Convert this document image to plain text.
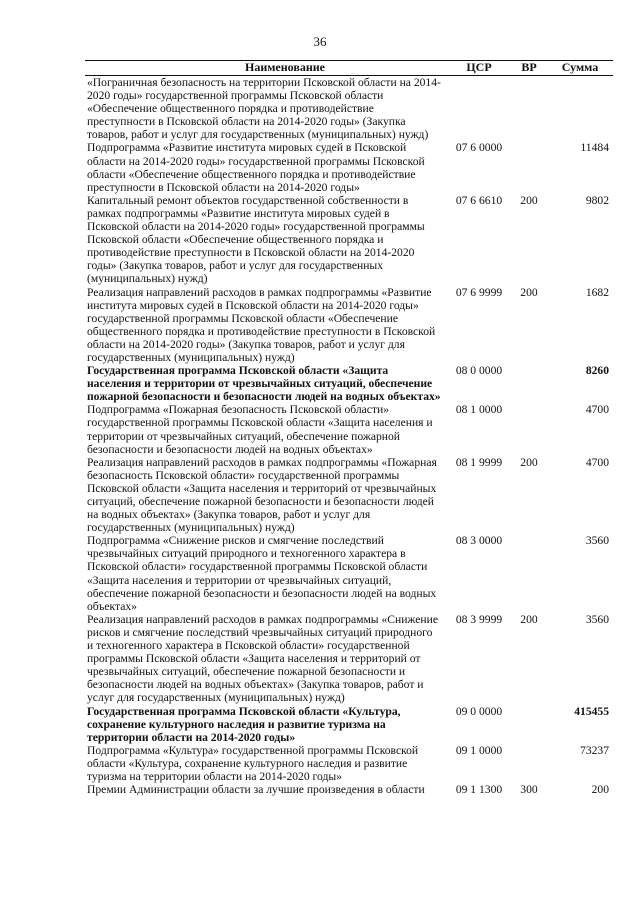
36
Наименование	ЦСР	ВР	Сумма
«Пограничная безопасность на территории Псковской области на 2014-2020 годы» государственной программы Псковской области «Обеспечение общественного порядка и противодействие преступности в Псковской области на 2014-2020 годы» (Закупка товаров, работ и услуг для государственных (муниципальных) нужд)			
Подпрограмма «Развитие института мировых судей в Псковской области на 2014-2020 годы» государственной программы Псковской области «Обеспечение общественного порядка и противодействие преступности в Псковской области на 2014-2020 годы»	07 6 0000		11484
Капитальный ремонт объектов государственной собственности в рамках подпрограммы «Развитие института мировых судей в Псковской области на 2014-2020 годы» государственной программы Псковской области «Обеспечение общественного порядка и противодействие преступности в Псковской области на 2014-2020 годы» (Закупка товаров, работ и услуг для государственных (муниципальных) нужд)	07 6 6610	200	9802
Реализация направлений расходов в рамках подпрограммы «Развитие института мировых судей в Псковской области на 2014-2020 годы» государственной программы Псковской области «Обеспечение общественного порядка и противодействие преступности в Псковской области на 2014-2020 годы» (Закупка товаров, работ и услуг для государственных (муниципальных) нужд)	07 6 9999	200	1682
Государственная программа Псковской области «Защита населения и территории от чрезвычайных ситуаций, обеспечение пожарной безопасности и безопасности людей на водных объектах»	08 0 0000		8260
Подпрограмма «Пожарная безопасность Псковской области» государственной программы Псковской области «Защита населения и территории от чрезвычайных ситуаций, обеспечение пожарной безопасности и безопасности людей на водных объектах»	08 1 0000		4700
Реализация направлений расходов в рамках подпрограммы «Пожарная безопасность Псковской области» государственной программы Псковской области «Защита населения и территорий от чрезвычайных ситуаций, обеспечение пожарной безопасности и безопасности людей на водных объектах» (Закупка товаров, работ и услуг для государственных (муниципальных) нужд)	08 1 9999	200	4700
Подпрограмма «Снижение рисков и смягчение последствий чрезвычайных ситуаций природного и техногенного характера в Псковской области» государственной программы Псковской области «Защита населения и территории от чрезвычайных ситуаций, обеспечение пожарной безопасности и безопасности людей на водных объектах»	08 3 0000		3560
Реализация направлений расходов в рамках подпрограммы «Снижение рисков и смягчение последствий чрезвычайных ситуаций природного и техногенного характера в Псковской области» государственной программы Псковской области «Защита населения и территорий от чрезвычайных ситуаций, обеспечение пожарной безопасности и безопасности людей на водных объектах» (Закупка товаров, работ и услуг для государственных (муниципальных) нужд)	08 3 9999	200	3560
Государственная программа Псковской области «Культура, сохранение культурного наследия и развитие туризма на территории области на 2014-2020 годы»	09 0 0000		415455
Подпрограмма «Культура» государственной программы Псковской области «Культура, сохранение культурного наследия и развитие туризма на территории области на 2014-2020 годы»	09 1 0000		73237
Премии Администрации области за лучшие произведения в области	09 1 1300	300	200
